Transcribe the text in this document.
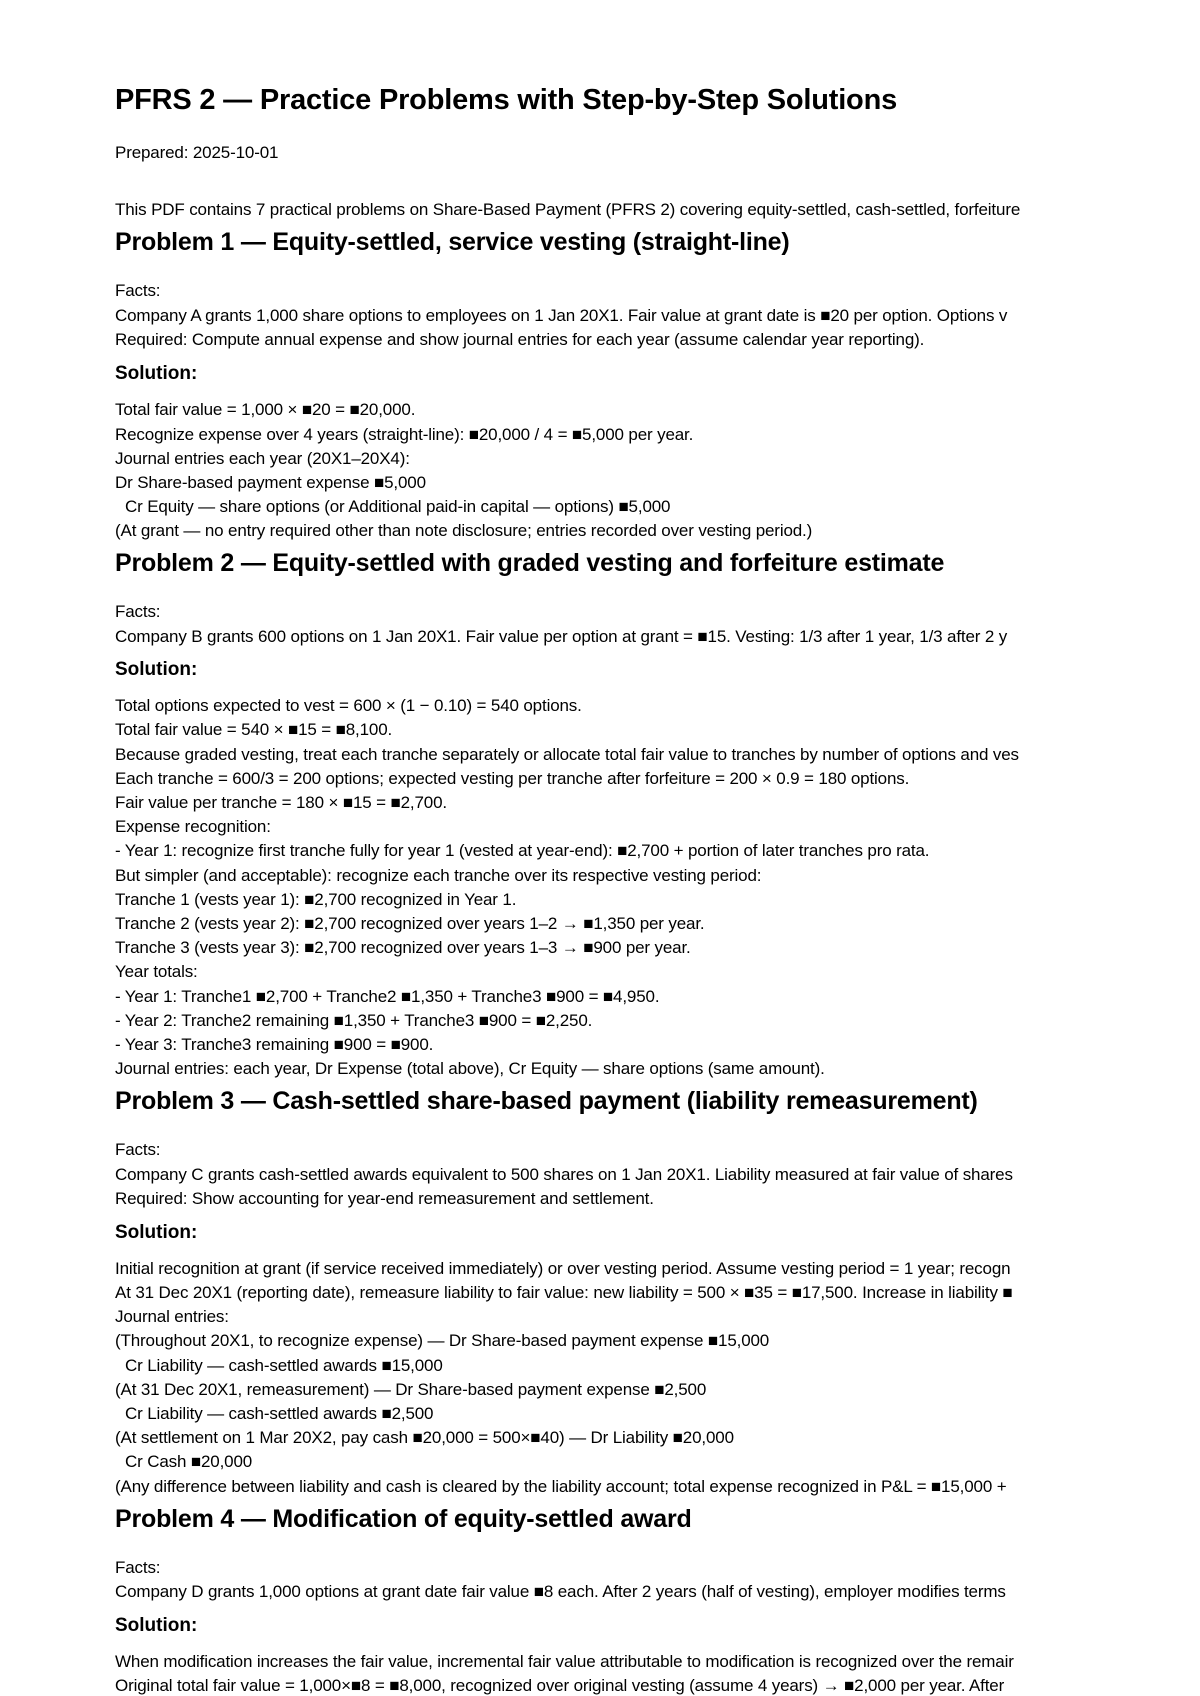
PFRS 2 — Practice Problems with Step-by-Step Solutions

Prepared: 2025-10-01

This PDF contains 7 practical problems on Share-Based Payment (PFRS 2) covering equity-settled, cash-settled, forfeiture

Problem 1 — Equity-settled, service vesting (straight-line)

Facts:

Company A grants 1,000 share options to employees on 1 Jan 20X1. Fair value at grant date is ■20 per option. Options v

Required: Compute annual expense and show journal entries for each year (assume calendar year reporting).

Solution:

Total fair value = 1,000 × ■20 = ■20,000.

Recognize expense over 4 years (straight-line): ■20,000 / 4 = ■5,000 per year.

Journal entries each year (20X1–20X4):

Dr Share-based payment expense ■5,000

Cr Equity — share options (or Additional paid-in capital — options) ■5,000

(At grant — no entry required other than note disclosure; entries recorded over vesting period.)

Problem 2 — Equity-settled with graded vesting and forfeiture estimate

Facts:

Company B grants 600 options on 1 Jan 20X1. Fair value per option at grant = ■15. Vesting: 1/3 after 1 year, 1/3 after 2 y

Solution:

Total options expected to vest = 600 × (1 − 0.10) = 540 options.

Total fair value = 540 × ■15 = ■8,100.

Because graded vesting, treat each tranche separately or allocate total fair value to tranches by number of options and ves

Each tranche = 600/3 = 200 options; expected vesting per tranche after forfeiture = 200 × 0.9 = 180 options.

Fair value per tranche = 180 × ■15 = ■2,700.

Expense recognition:

- Year 1: recognize first tranche fully for year 1 (vested at year-end): ■2,700 + portion of later tranches pro rata.

But simpler (and acceptable): recognize each tranche over its respective vesting period:

Tranche 1 (vests year 1): ■2,700 recognized in Year 1.

Tranche 2 (vests year 2): ■2,700 recognized over years 1–2 → ■1,350 per year.

Tranche 3 (vests year 3): ■2,700 recognized over years 1–3 → ■900 per year.

Year totals:

- Year 1: Tranche1 ■2,700 + Tranche2 ■1,350 + Tranche3 ■900 = ■4,950.

- Year 2: Tranche2 remaining ■1,350 + Tranche3 ■900 = ■2,250.

- Year 3: Tranche3 remaining ■900 = ■900.

Journal entries: each year, Dr Expense (total above), Cr Equity — share options (same amount).

Problem 3 — Cash-settled share-based payment (liability remeasurement)

Facts:

Company C grants cash-settled awards equivalent to 500 shares on 1 Jan 20X1. Liability measured at fair value of shares

Required: Show accounting for year-end remeasurement and settlement.

Solution:

Initial recognition at grant (if service received immediately) or over vesting period. Assume vesting period = 1 year; recogn

At 31 Dec 20X1 (reporting date), remeasure liability to fair value: new liability = 500 × ■35 = ■17,500. Increase in liability ■

Journal entries:

(Throughout 20X1, to recognize expense) — Dr Share-based payment expense ■15,000

Cr Liability — cash-settled awards ■15,000

(At 31 Dec 20X1, remeasurement) — Dr Share-based payment expense ■2,500

Cr Liability — cash-settled awards ■2,500

(At settlement on 1 Mar 20X2, pay cash ■20,000 = 500×■40) — Dr Liability ■20,000

Cr Cash ■20,000

(Any difference between liability and cash is cleared by the liability account; total expense recognized in P&L = ■15,000 +

Problem 4 — Modification of equity-settled award

Facts:

Company D grants 1,000 options at grant date fair value ■8 each. After 2 years (half of vesting), employer modifies terms

Solution:

When modification increases the fair value, incremental fair value attributable to modification is recognized over the remair

Original total fair value = 1,000×■8 = ■8,000, recognized over original vesting (assume 4 years) → ■2,000 per year. After
